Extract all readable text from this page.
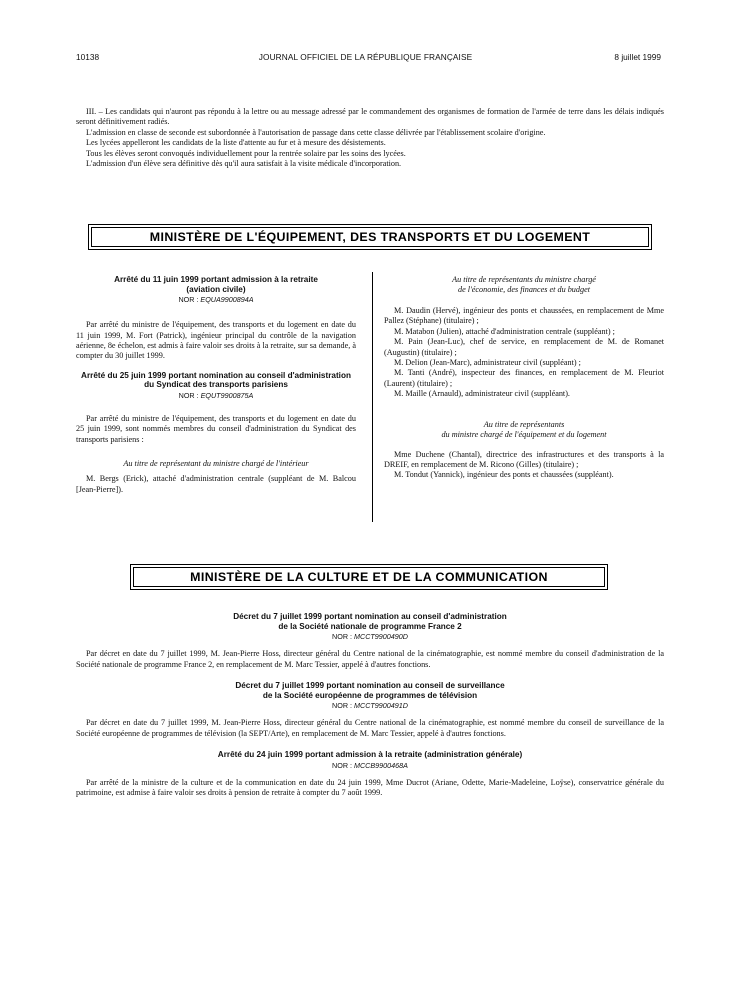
10138	JOURNAL OFFICIEL DE LA RÉPUBLIQUE FRANÇAISE	8 juillet 1999

III. – Les candidats qui n'auront pas répondu à la lettre ou au message adressé par le commandement des organismes de formation de l'armée de terre dans les délais indiqués seront définitivement radiés.

L'admission en classe de seconde est subordonnée à l'autorisation de passage dans cette classe délivrée par l'établissement scolaire d'origine.

Les lycées appelleront les candidats de la liste d'attente au fur et à mesure des désistements.

Tous les élèves seront convoqués individuellement pour la rentrée solaire par les soins des lycées.

L'admission d'un élève sera définitive dès qu'il aura satisfait à la visite médicale d'incorporation.

MINISTÈRE DE L'ÉQUIPEMENT, DES TRANSPORTS ET DU LOGEMENT

Arrêté du 11 juin 1999 portant admission à la retraite (aviation civile)

NOR : EQUA9900894A

Par arrêté du ministre de l'équipement, des transports et du logement en date du 11 juin 1999, M. Fort (Patrick), ingénieur principal du contrôle de la navigation aérienne, 8e échelon, est admis à faire valoir ses droits à la retraite, sur sa demande, à compter du 30 juillet 1999.

Arrêté du 25 juin 1999 portant nomination au conseil d'administration du Syndicat des transports parisiens

NOR : EQUT9900875A

Par arrêté du ministre de l'équipement, des transports et du logement en date du 25 juin 1999, sont nommés membres du conseil d'administration du Syndicat des transports parisiens :

Au titre de représentant du ministre chargé de l'intérieur

M. Bergs (Erick), attaché d'administration centrale (suppléant de M. Balcou [Jean-Pierre]).

Au titre de représentants du ministre chargé
de l'économie, des finances et du budget

M. Daudin (Hervé), ingénieur des ponts et chaussées, en remplacement de Mme Pallez (Stéphane) (titulaire) ;

M. Matabon (Julien), attaché d'administration centrale (suppléant) ;

M. Pain (Jean-Luc), chef de service, en remplacement de M. de Romanet (Augustin) (titulaire) ;

M. Delion (Jean-Marc), administrateur civil (suppléant) ;

M. Tanti (André), inspecteur des finances, en remplacement de M. Fleuriot (Laurent) (titulaire) ;

M. Maille (Arnauld), administrateur civil (suppléant).

Au titre de représentants
du ministre chargé de l'équipement et du logement

Mme Duchene (Chantal), directrice des infrastructures et des transports à la DREIF, en remplacement de M. Ricono (Gilles) (titulaire) ;

M. Tondut (Yannick), ingénieur des ponts et chaussées (suppléant).

MINISTÈRE DE LA CULTURE ET DE LA COMMUNICATION

Décret du 7 juillet 1999 portant nomination au conseil d'administration
de la Société nationale de programme France 2

NOR : MCCT9900490D

Par décret en date du 7 juillet 1999, M. Jean-Pierre Hoss, directeur général du Centre national de la cinématographie, est nommé membre du conseil d'administration de la Société nationale de programme France 2, en remplacement de M. Marc Tessier, appelé à d'autres fonctions.

Décret du 7 juillet 1999 portant nomination au conseil de surveillance
de la Société européenne de programmes de télévision

NOR : MCCT9900491D

Par décret en date du 7 juillet 1999, M. Jean-Pierre Hoss, directeur général du Centre national de la cinématographie, est nommé membre du conseil de surveillance de la Société européenne de programmes de télévision (la SEPT/Arte), en remplacement de M. Marc Tessier, appelé à d'autres fonctions.

Arrêté du 24 juin 1999 portant admission à la retraite (administration générale)

NOR : MCCB9900468A

Par arrêté de la ministre de la culture et de la communication en date du 24 juin 1999, Mme Ducrot (Ariane, Odette, Marie-Madeleine, Loÿse), conservatrice générale du patrimoine, est admise à faire valoir ses droits à pension de retraite à compter du 7 août 1999.
